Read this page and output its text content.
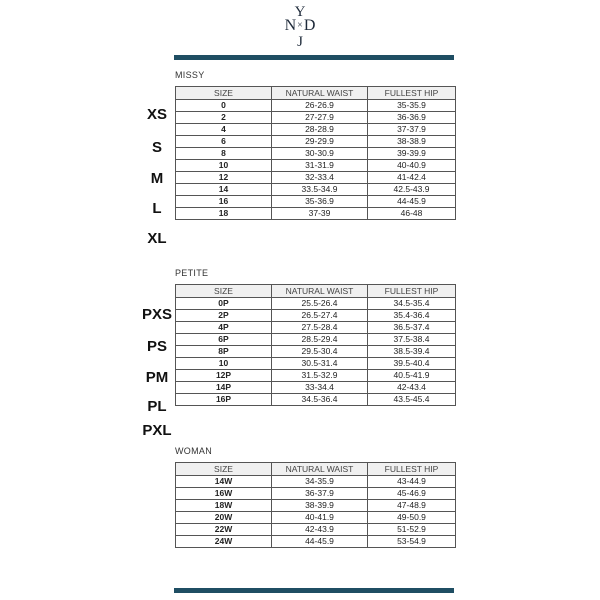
Y
N×D
J
MISSY
SIZE	NATURAL WAIST	FULLEST HIP
0	26-26.9	35-35.9
2	27-27.9	36-36.9
4	28-28.9	37-37.9
6	29-29.9	38-38.9
8	30-30.9	39-39.9
10	31-31.9	40-40.9
12	32-33.4	41-42.4
14	33.5-34.9	42.5-43.9
16	35-36.9	44-45.9
18	37-39	46-48
PETITE
SIZE	NATURAL WAIST	FULLEST HIP
0P	25.5-26.4	34.5-35.4
2P	26.5-27.4	35.4-36.4
4P	27.5-28.4	36.5-37.4
6P	28.5-29.4	37.5-38.4
8P	29.5-30.4	38.5-39.4
10	30.5-31.4	39.5-40.4
12P	31.5-32.9	40.5-41.9
14P	33-34.4	42-43.4
16P	34.5-36.4	43.5-45.4
WOMAN
SIZE	NATURAL WAIST	FULLEST HIP
14W	34-35.9	43-44.9
16W	36-37.9	45-46.9
18W	38-39.9	47-48.9
20W	40-41.9	49-50.9
22W	42-43.9	51-52.9
24W	44-45.9	53-54.9
XS
S
M
L
XL
PXS
PS
PM
PL
PXL
